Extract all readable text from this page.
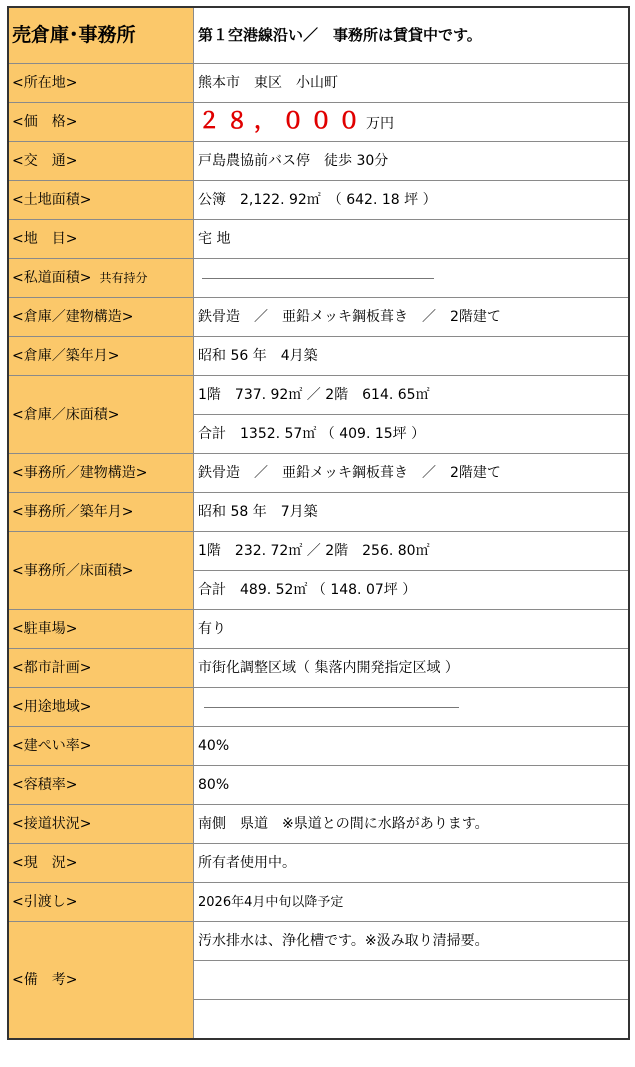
売倉庫･事務所	第１空港線沿い／　事務所は賃貸中です。
<所在地>	熊本市　東区　小山町
<価　格>	２８，０００万円
<交　通>	戸島農協前バス停　徒歩 30分
<土地面積>	公簿　2,122. 92㎡　（ 642. 18 坪 ）
<地　目>	宅 地
<私道面積> 共有持分	
<倉庫／建物構造>	鉄骨造　／　亜鉛メッキ鋼板葺き　／　2階建て
<倉庫／築年月>	昭和 56 年　4月築
<倉庫／床面積>	1階　737. 92㎡ ／ 2階　614. 65㎡
	合計　1352. 57㎡ （ 409. 15坪 ）
<事務所／建物構造>	鉄骨造　／　亜鉛メッキ鋼板葺き　／　2階建て
<事務所／築年月>	昭和 58 年　7月築
<事務所／床面積>	1階　232. 72㎡ ／ 2階　256. 80㎡
	合計　489. 52㎡ （ 148. 07坪 ）
<駐車場>	有り
<都市計画>	市街化調整区域（ 集落内開発指定区域 ）
<用途地域>	
<建ぺい率>	40%
<容積率>	80%
<接道状況>	南側　県道　※県道との間に水路があります。
<現　況>	所有者使用中。
<引渡し>	2026年4月中旬以降予定
<備　考>	汚水排水は、浄化槽です。※汲み取り清掃要。
